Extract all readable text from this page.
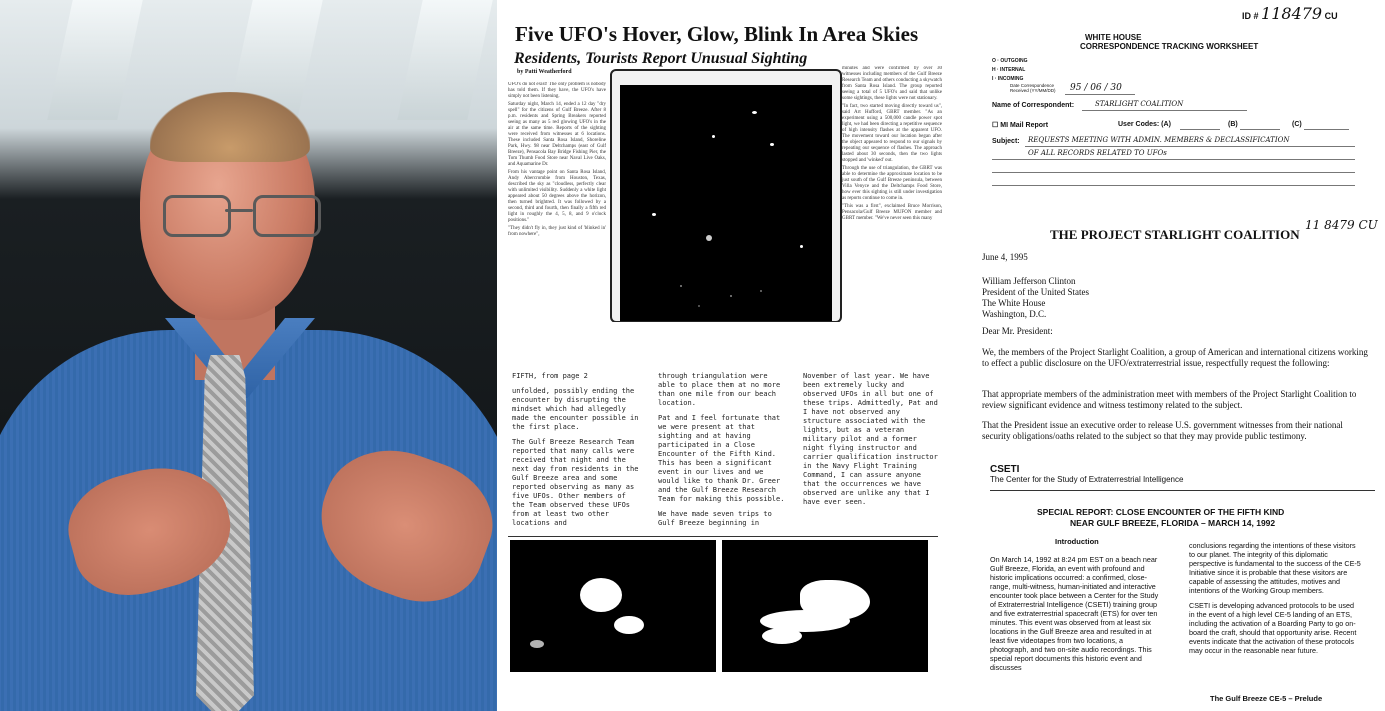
Five UFO's Hover, Glow, Blink In Area Skies
Residents, Tourists Report Unusual Sighting
by Patti Weatherford

UFO's do not exist! The only problem is nobody has told them. If they have, the UFO's have simply not been listening.

Saturday night, March 14, ended a 12 day "dry spell" for the citizens of Gulf Breeze. After 8 p.m. residents and Spring Breakers reported seeing as many as 5 red glowing UFO's in the air at the same time. Reports of the sighting were received from witnesses at 6 locations. These included Santa Rosa Island, Shoreline Park, Hwy. 98 near Deltchamps (east of Gulf Breeze), Pensacola Bay Bridge Fishing Pier, the Tom Thumb Food Store near Naval Live Oaks, and Aquamarine Dr.

From his vantage point on Santa Rosa Island, Andy Abercrombie from Houston, Texas, described the sky as "cloudless, perfectly clear with unlimited visibility. Suddenly a white light appeared about 50 degrees above the horizon, then turned brightred. It was followed by a second, third and fourth, then finally a fifth red light in roughly the 4, 5, 8, and 9 o'clock positions."

"They didn't fly in, they just kind of 'blinked in' from nowhere",

minutes and were confirmed by over 30 witnesses including members of the Gulf Breeze Research Team and others conducting a skywatch from Santa Rosa Island. The group reported seeing a total of 5 UFO's and said that unlike some sightings, these lights were not stationary.

"In fact, two started moving directly toward us", said Art Hufford, GBRT member. "As an experiment using a 500,000 candle power spot light, we had been directing a repetitive sequence of high intensity flashes at the apparent UFO. The movement toward our location began after the object appeared to respond to our signals by repeating our sequence of flashes. The approach lasted about 30 seconds, then the two lights stopped and 'winked' out.

Through the use of triangulation, the GBRT was able to determine the approximate location to be just south of the Gulf Breeze peninsula, between Villa Venyce and the Deltchamps Food Store, how ever this sighting is still under investigation as reports continue to come in.

"This was a first", exclaimed Bruce Morrison, Pensacola/Gulf Breeze MUFON member and GBRT member. "We've never seen this many

FIFTH, from page 2

unfolded, possibly ending the encounter by disrupting the mindset which had allegedly made the encounter possible in the first place.

The Gulf Breeze Research Team reported that many calls were received that night and the next day from residents in the Gulf Breeze area and some reported observing as many as five UFOs. Other members of the Team observed these UFOs from at least two other locations and

through triangulation were able to place them at no more than one mile from our beach location.

Pat and I feel fortunate that we were present at that sighting and at having participated in a Close Encounter of the Fifth Kind. This has been a significant event in our lives and we would like to thank Dr. Greer and the Gulf Breeze Research Team for making this possible.

We have made seven trips to Gulf Breeze beginning in

November of last year. We have been extremely lucky and observed UFOs in all but one of these trips. Admittedly, Pat and I have not observed any structure associated with the lights, but as a veteran military pilot and a former night flying instructor and carrier qualification instructor in the Navy Flight Training Command, I can assure anyone that the occurrences we have observed are unlike any that I have ever seen.

ID # 118479 CU
WHITE HOUSE
CORRESPONDENCE TRACKING WORKSHEET
O · OUTGOING
H · INTERNAL
I · INCOMING
Date Correspondence Received (YY/MM/DD)	95 / 06 / 30
Name of Correspondent:	STARLIGHT COALITION
☐ MI Mail Report	User Codes: (A)	(B)	(C)
Subject: REQUESTS MEETING WITH ADMIN. MEMBERS & DECLASSIFICATION
OF ALL RECORDS RELATED TO UFOs
11 8479 CU
THE PROJECT STARLIGHT COALITION
June 4, 1995

William Jefferson Clinton

President of the United States

The White House

Washington, D.C.

Dear Mr. President:
We, the members of the Project Starlight Coalition, a group of American and international citizens working to effect a public disclosure on the UFO/extraterrestrial issue, respectfully request the following:
That appropriate members of the administration meet with members of the Project Starlight Coalition to review significant evidence and witness testimony related to the subject.
That the President issue an executive order to release U.S. government witnesses from their national security obligations/oaths related to the subject so that they may provide public testimony.
CSETI
The Center for the Study of Extraterrestrial Intelligence
SPECIAL REPORT: CLOSE ENCOUNTER OF THE FIFTH KIND
NEAR GULF BREEZE, FLORIDA – MARCH 14, 1992
Introduction
On March 14, 1992 at 8:24 pm EST on a beach near Gulf Breeze, Florida, an event with profound and historic implications occurred: a confirmed, close-range, multi-witness, human-initiated and interactive encounter took place between a Center for the Study of Extraterrestrial Intelligence (CSETI) training group and five extraterrestrial spacecraft (ETS) for over ten minutes. This event was observed from at least six locations in the Gulf Breeze area and resulted in at least five videotapes from two locations, a photograph, and two on-site audio recordings. This special report documents this historic event and discusses

conclusions regarding the intentions of these visitors to our planet. The integrity of this diplomatic perspective is fundamental to the success of the CE-5 Initiative since it is probable that these visitors are capable of assessing the attitudes, motives and intentions of the Working Group members.

CSETI is developing advanced protocols to be used in the event of a high level CE-5 landing of an ETS, including the activation of a Boarding Party to go on-board the craft, should that opportunity arise. Recent events indicate that the activation of these protocols may occur in the reasonable near future.

The Gulf Breeze CE-5 – Prelude
